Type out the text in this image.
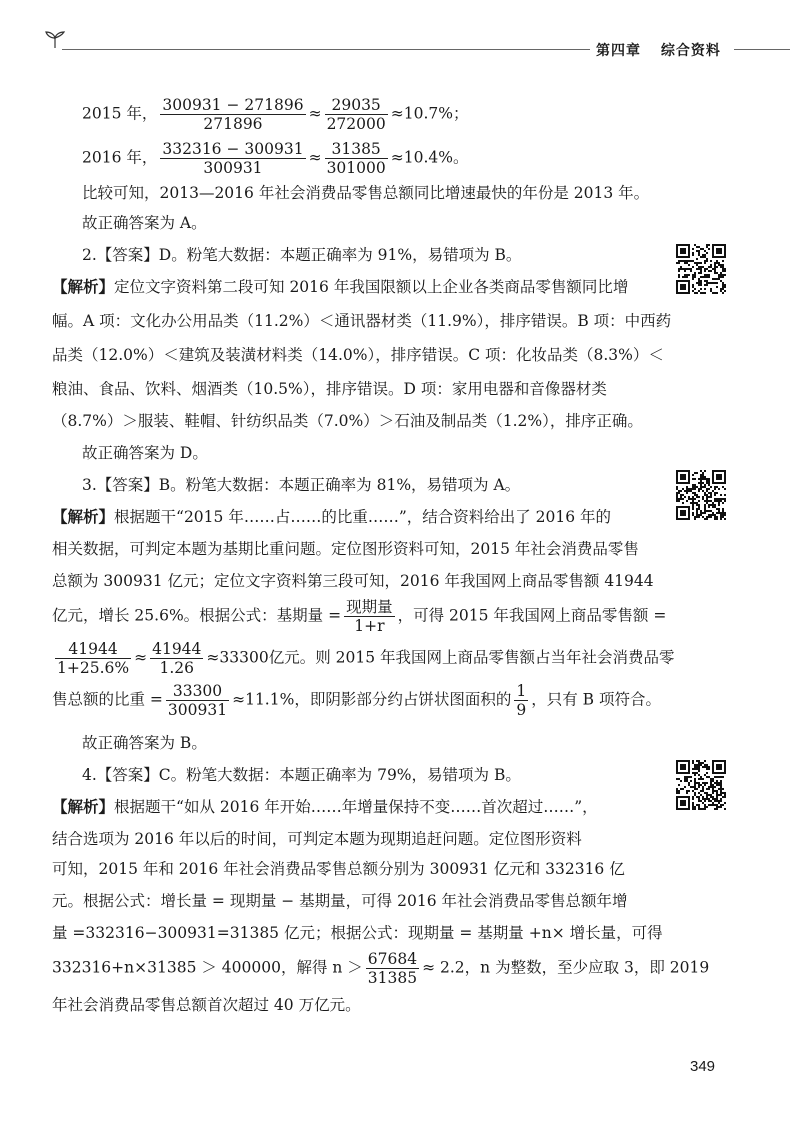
第四章 综合资料
2015 年， $\frac{300931 - 271896}{271896} \approx \frac{29035}{272000} \approx 10.7\%$；
2016 年， $\frac{332316 - 300931}{300931} \approx \frac{31385}{301000} \approx 10.4\%$。
比较可知，2013—2016 年社会消费品零售总额同比增速最快的年份是 2013 年。
故正确答案为 A。
2.【答案】D。粉笔大数据：本题正确率为 91%，易错项为 B。
【解析】定位文字资料第二段可知 2016 年我国限额以上企业各类商品零售额同比增
幅。A 项：文化办公用品类（11.2%）＜通讯器材类（11.9%），排序错误。B 项：中西药
品类（12.0%）＜建筑及装潢材料类（14.0%），排序错误。C 项：化妆品类（8.3%）＜
粮油、食品、饮料、烟酒类（10.5%），排序错误。D 项：家用电器和音像器材类
（8.7%）＞服装、鞋帽、针纺织品类（7.0%）＞石油及制品类（1.2%），排序正确。
故正确答案为 D。
3.【答案】B。粉笔大数据：本题正确率为 81%，易错项为 A。
【解析】根据题干“2015 年……占……的比重……”，结合资料给出了 2016 年的
相关数据，可判定本题为基期比重问题。定位图形资料可知，2015 年社会消费品零售
总额为 300931 亿元；定位文字资料第三段可知，2016 年我国网上商品零售额 41944
亿元，增长 25.6%。根据公式：基期量 = $\frac{\text{现期量}}{1+r}$ ，可得 2015 年我国网上商品零售额 =
$\frac{41944}{1+25.6\%} \approx \frac{41944}{1.26} \approx 33300$亿元。则 2015 年我国网上商品零售额占当年社会消费品零
售总额的比重 = $\frac{33300}{300931} \approx 11.1\%$，即阴影部分约占饼状图面积的 $\frac{1}{9}$ ，只有 B 项符合。
故正确答案为 B。
4.【答案】C。粉笔大数据：本题正确率为 79%，易错项为 B。
【解析】根据题干“如从 2016 年开始……年增量保持不变……首次超过……”，
结合选项为 2016 年以后的时间，可判定本题为现期追赶问题。定位图形资料
可知，2015 年和 2016 年社会消费品零售总额分别为 300931 亿元和 332316 亿
元。根据公式：增长量 = 现期量 − 基期量，可得 2016 年社会消费品零售总额年增
量 =332316−300931=31385 亿元；根据公式：现期量 = 基期量 +n× 增长量，可得
332316+n×31385 ＞ 400000，解得 $n > \frac{67684}{31385} \approx 2.2$，n 为整数，至少应取 3，即 2019
年社会消费品零售总额首次超过 40 万亿元。
349
